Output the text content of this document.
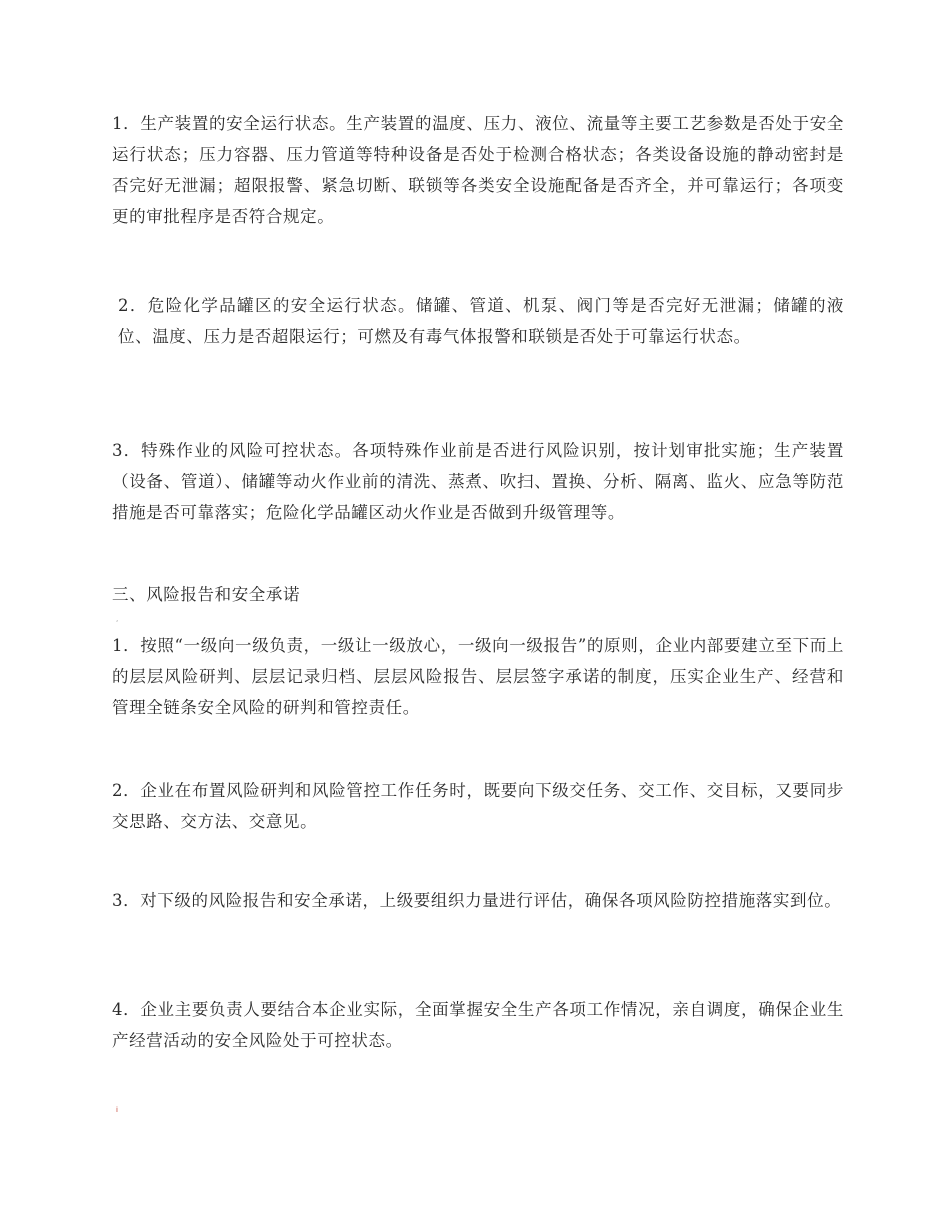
1．生产装置的安全运行状态。生产装置的温度、压力、液位、流量等主要工艺参数是否处于安全运行状态；压力容器、压力管道等特种设备是否处于检测合格状态；各类设备设施的静动密封是否完好无泄漏；超限报警、紧急切断、联锁等各类安全设施配备是否齐全，并可靠运行；各项变更的审批程序是否符合规定。

2．危险化学品罐区的安全运行状态。储罐、管道、机泵、阀门等是否完好无泄漏；储罐的液位、温度、压力是否超限运行；可燃及有毒气体报警和联锁是否处于可靠运行状态。

3．特殊作业的风险可控状态。各项特殊作业前是否进行风险识别，按计划审批实施；生产装置（设备、管道）、储罐等动火作业前的清洗、蒸煮、吹扫、置换、分析、隔离、监火、应急等防范措施是否可靠落实；危险化学品罐区动火作业是否做到升级管理等。

三、风险报告和安全承诺

‘

1．按照“一级向一级负责，一级让一级放心，一级向一级报告”的原则，企业内部要建立至下而上的层层风险研判、层层记录归档、层层风险报告、层层签字承诺的制度，压实企业生产、经营和管理全链条安全风险的研判和管控责任。

2．企业在布置风险研判和风险管控工作任务时，既要向下级交任务、交工作、交目标，又要同步交思路、交方法、交意见。

3．对下级的风险报告和安全承诺，上级要组织力量进行评估，确保各项风险防控措施落实到位。

4．企业主要负责人要结合本企业实际，全面掌握安全生产各项工作情况，亲自调度，确保企业生产经营活动的安全风险处于可控状态。

i
